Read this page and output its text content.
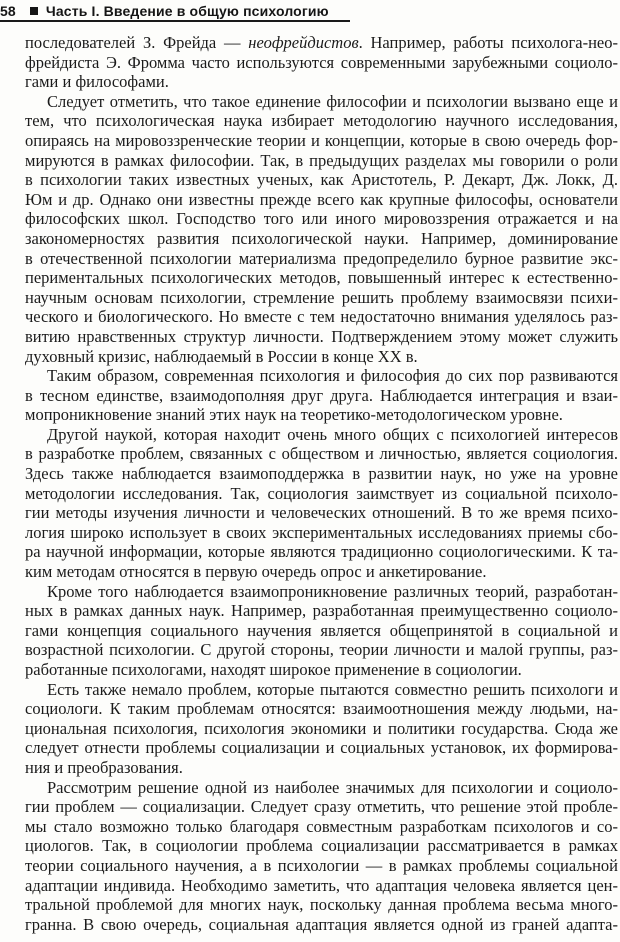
58 Часть I. Введение в общую психологию
последователей З. Фрейда — неофрейдистов. Например, работы психолога-нео-
фрейдиста Э. Фромма часто используются современными зарубежными социоло-
гами и философами.
Следует отметить, что такое единение философии и психологии вызвано еще и
тем, что психологическая наука избирает методологию научного исследования,
опираясь на мировоззренческие теории и концепции, которые в свою очередь фор-
мируются в рамках философии. Так, в предыдущих разделах мы говорили о роли
в психологии таких известных ученых, как Аристотель, Р. Декарт, Дж. Локк, Д.
Юм и др. Однако они известны прежде всего как крупные философы, основатели
философских школ. Господство того или иного мировоззрения отражается и на
закономерностях развития психологической науки. Например, доминирование
в отечественной психологии материализма предопределило бурное развитие экс-
периментальных психологических методов, повышенный интерес к естественно-
научным основам психологии, стремление решить проблему взаимосвязи психи-
ческого и биологического. Но вместе с тем недостаточно внимания уделялось раз-
витию нравственных структур личности. Подтверждением этому может служить
духовный кризис, наблюдаемый в России в конце XX в.
Таким образом, современная психология и философия до сих пор развиваются
в тесном единстве, взаимодополняя друг друга. Наблюдается интеграция и взаи-
мопроникновение знаний этих наук на теоретико-методологическом уровне.
Другой наукой, которая находит очень много общих с психологией интересов
в разработке проблем, связанных с обществом и личностью, является социология.
Здесь также наблюдается взаимоподдержка в развитии наук, но уже на уровне
методологии исследования. Так, социология заимствует из социальной психоло-
гии методы изучения личности и человеческих отношений. В то же время психо-
логия широко использует в своих экспериментальных исследованиях приемы сбо-
ра научной информации, которые являются традиционно социологическими. К та-
ким методам относятся в первую очередь опрос и анкетирование.
Кроме того наблюдается взаимопроникновение различных теорий, разработан-
ных в рамках данных наук. Например, разработанная преимущественно социоло-
гами концепция социального научения является общепринятой в социальной и
возрастной психологии. С другой стороны, теории личности и малой группы, раз-
работанные психологами, находят широкое применение в социологии.
Есть также немало проблем, которые пытаются совместно решить психологи и
социологи. К таким проблемам относятся: взаимоотношения между людьми, на-
циональная психология, психология экономики и политики государства. Сюда же
следует отнести проблемы социализации и социальных установок, их формирова-
ния и преобразования.
Рассмотрим решение одной из наиболее значимых для психологии и социоло-
гии проблем — социализации. Следует сразу отметить, что решение этой пробле-
мы стало возможно только благодаря совместным разработкам психологов и со-
циологов. Так, в социологии проблема социализации рассматривается в рамках
теории социального научения, а в психологии — в рамках проблемы социальной
адаптации индивида. Необходимо заметить, что адаптация человека является цен-
тральной проблемой для многих наук, поскольку данная проблема весьма много-
гранна. В свою очередь, социальная адаптация является одной из граней адапта-
